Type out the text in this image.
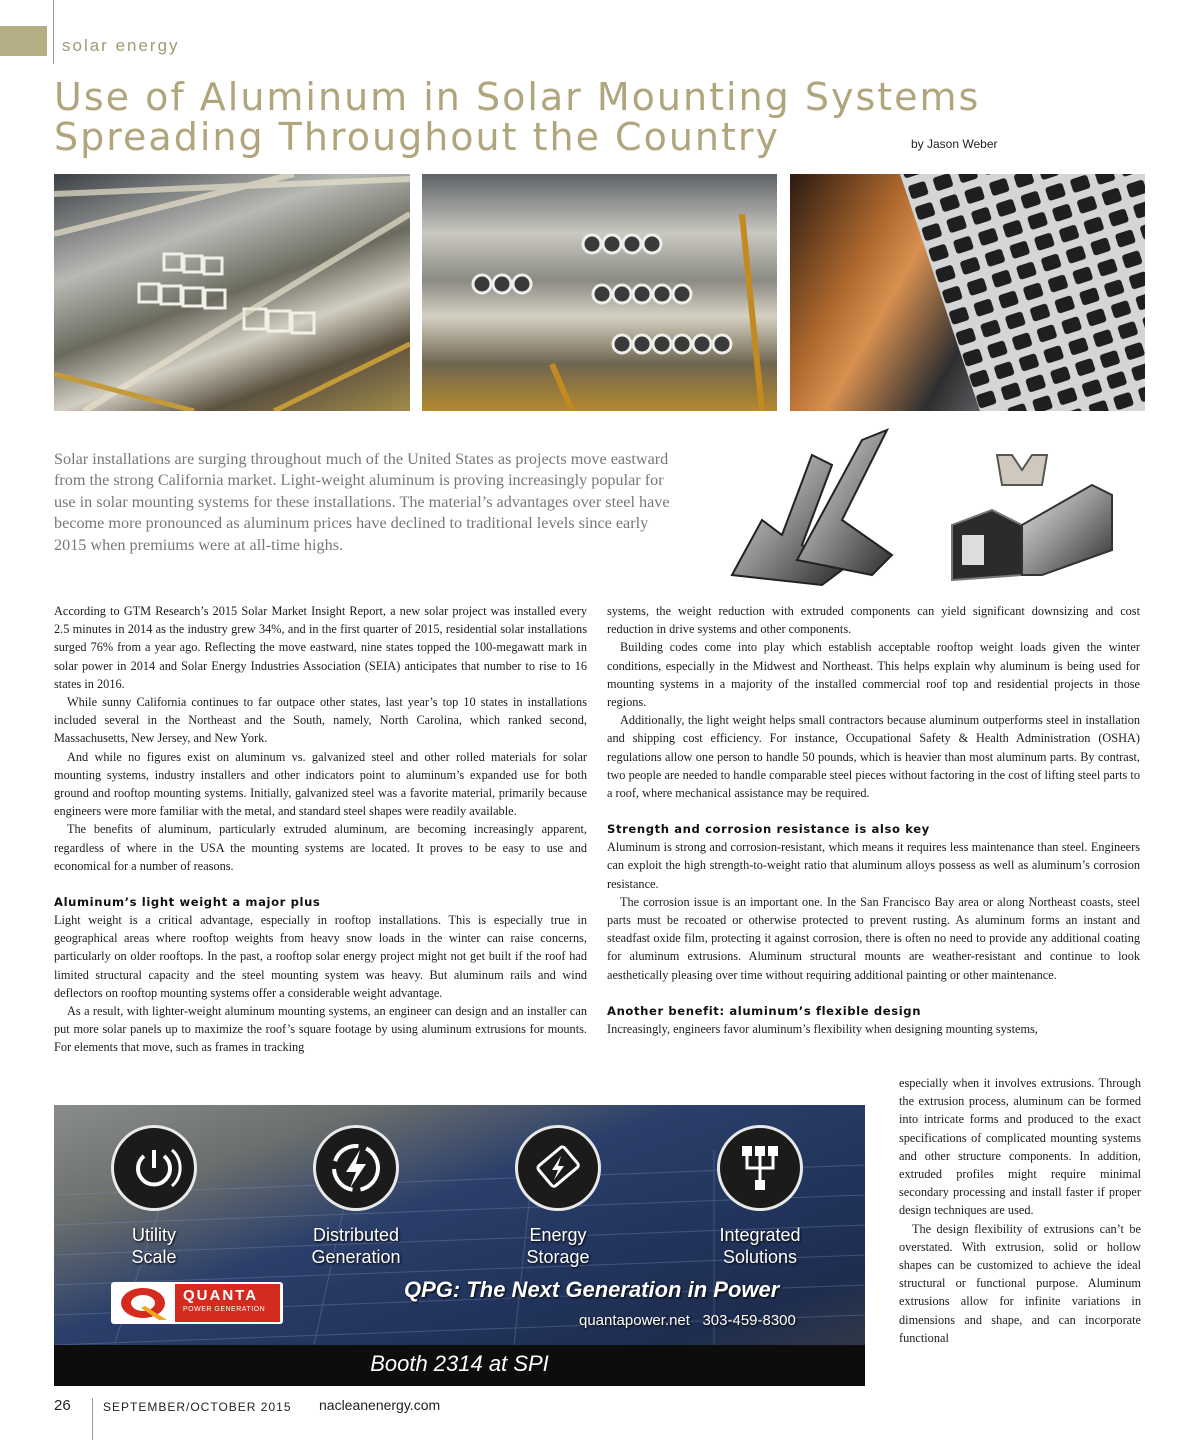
solar energy
Use of Aluminum in Solar Mounting Systems
Spreading Throughout the Country	by Jason Weber
Solar installations are surging throughout much of the United States as projects move eastward from the strong California market. Light-weight aluminum is proving increasingly popular for use in solar mounting systems for these installations. The material’s advantages over steel have become more pronounced as aluminum prices have declined to traditional levels since early 2015 when premiums were at all-time highs.

According to GTM Research’s 2015 Solar Market Insight Report, a new solar project was installed every 2.5 minutes in 2014 as the industry grew 34%, and in the first quarter of 2015, residential solar installations surged 76% from a year ago. Reflecting the move eastward, nine states topped the 100-megawatt mark in solar power in 2014 and Solar Energy Industries Association (SEIA) anticipates that number to rise to 16 states in 2016.

While sunny California continues to far outpace other states, last year’s top 10 states in installations included several in the Northeast and the South, namely, North Carolina, which ranked second, Massachusetts, New Jersey, and New York.

And while no figures exist on aluminum vs. galvanized steel and other rolled materials for solar mounting systems, industry installers and other indicators point to aluminum’s expanded use for both ground and rooftop mounting systems. Initially, galvanized steel was a favorite material, primarily because engineers were more familiar with the metal, and standard steel shapes were readily available.

The benefits of aluminum, particularly extruded aluminum, are becoming increasingly apparent, regardless of where in the USA the mounting systems are located. It proves to be easy to use and economical for a number of reasons.

Aluminum’s light weight a major plus

Light weight is a critical advantage, especially in rooftop installations. This is especially true in geographical areas where rooftop weights from heavy snow loads in the winter can raise concerns, particularly on older rooftops. In the past, a rooftop solar energy project might not get built if the roof had limited structural capacity and the steel mounting system was heavy. But aluminum rails and wind deflectors on rooftop mounting systems offer a considerable weight advantage.

As a result, with lighter-weight aluminum mounting systems, an engineer can design and an installer can put more solar panels up to maximize the roof’s square footage by using aluminum extrusions for mounts. For elements that move, such as frames in tracking

systems, the weight reduction with extruded components can yield significant downsizing and cost reduction in drive systems and other components.

Building codes come into play which establish acceptable rooftop weight loads given the winter conditions, especially in the Midwest and Northeast. This helps explain why aluminum is being used for mounting systems in a majority of the installed commercial roof top and residential projects in those regions.

Additionally, the light weight helps small contractors because aluminum outperforms steel in installation and shipping cost efficiency. For instance, Occupational Safety & Health Administration (OSHA) regulations allow one person to handle 50 pounds, which is heavier than most aluminum parts. By contrast, two people are needed to handle comparable steel pieces without factoring in the cost of lifting steel parts to a roof, where mechanical assistance may be required.

Strength and corrosion resistance is also key

Aluminum is strong and corrosion-resistant, which means it requires less maintenance than steel. Engineers can exploit the high strength-to-weight ratio that aluminum alloys possess as well as aluminum’s corrosion resistance.

The corrosion issue is an important one. In the San Francisco Bay area or along Northeast coasts, steel parts must be recoated or otherwise protected to prevent rusting. As aluminum forms an instant and steadfast oxide film, protecting it against corrosion, there is often no need to provide any additional coating for aluminum extrusions. Aluminum structural mounts are weather-resistant and continue to look aesthetically pleasing over time without requiring additional painting or other maintenance.

Another benefit: aluminum’s flexible design

Increasingly, engineers favor aluminum’s flexibility when designing mounting systems,

especially when it involves extrusions. Through the extrusion process, aluminum can be formed into intricate forms and produced to the exact specifications of complicated mounting systems and other structure components. In addition, extruded profiles might require minimal secondary processing and install faster if proper design techniques are used.

The design flexibility of extrusions can’t be overstated. With extrusion, solid or hollow shapes can be customized to achieve the ideal structural or functional purpose. Aluminum extrusions allow for infinite variations in dimensions and shape, and can incorporate functional

Utility
Scale
Distributed
Generation
Energy
Storage
Integrated
Solutions
QUANTA
POWER GENERATION
QPG: The Next Generation in Power
quantapower.net 303-459-8300
Booth 2314 at SPI
26	SEPTEMBER/OCTOBER 2015 nacleanenergy.com
